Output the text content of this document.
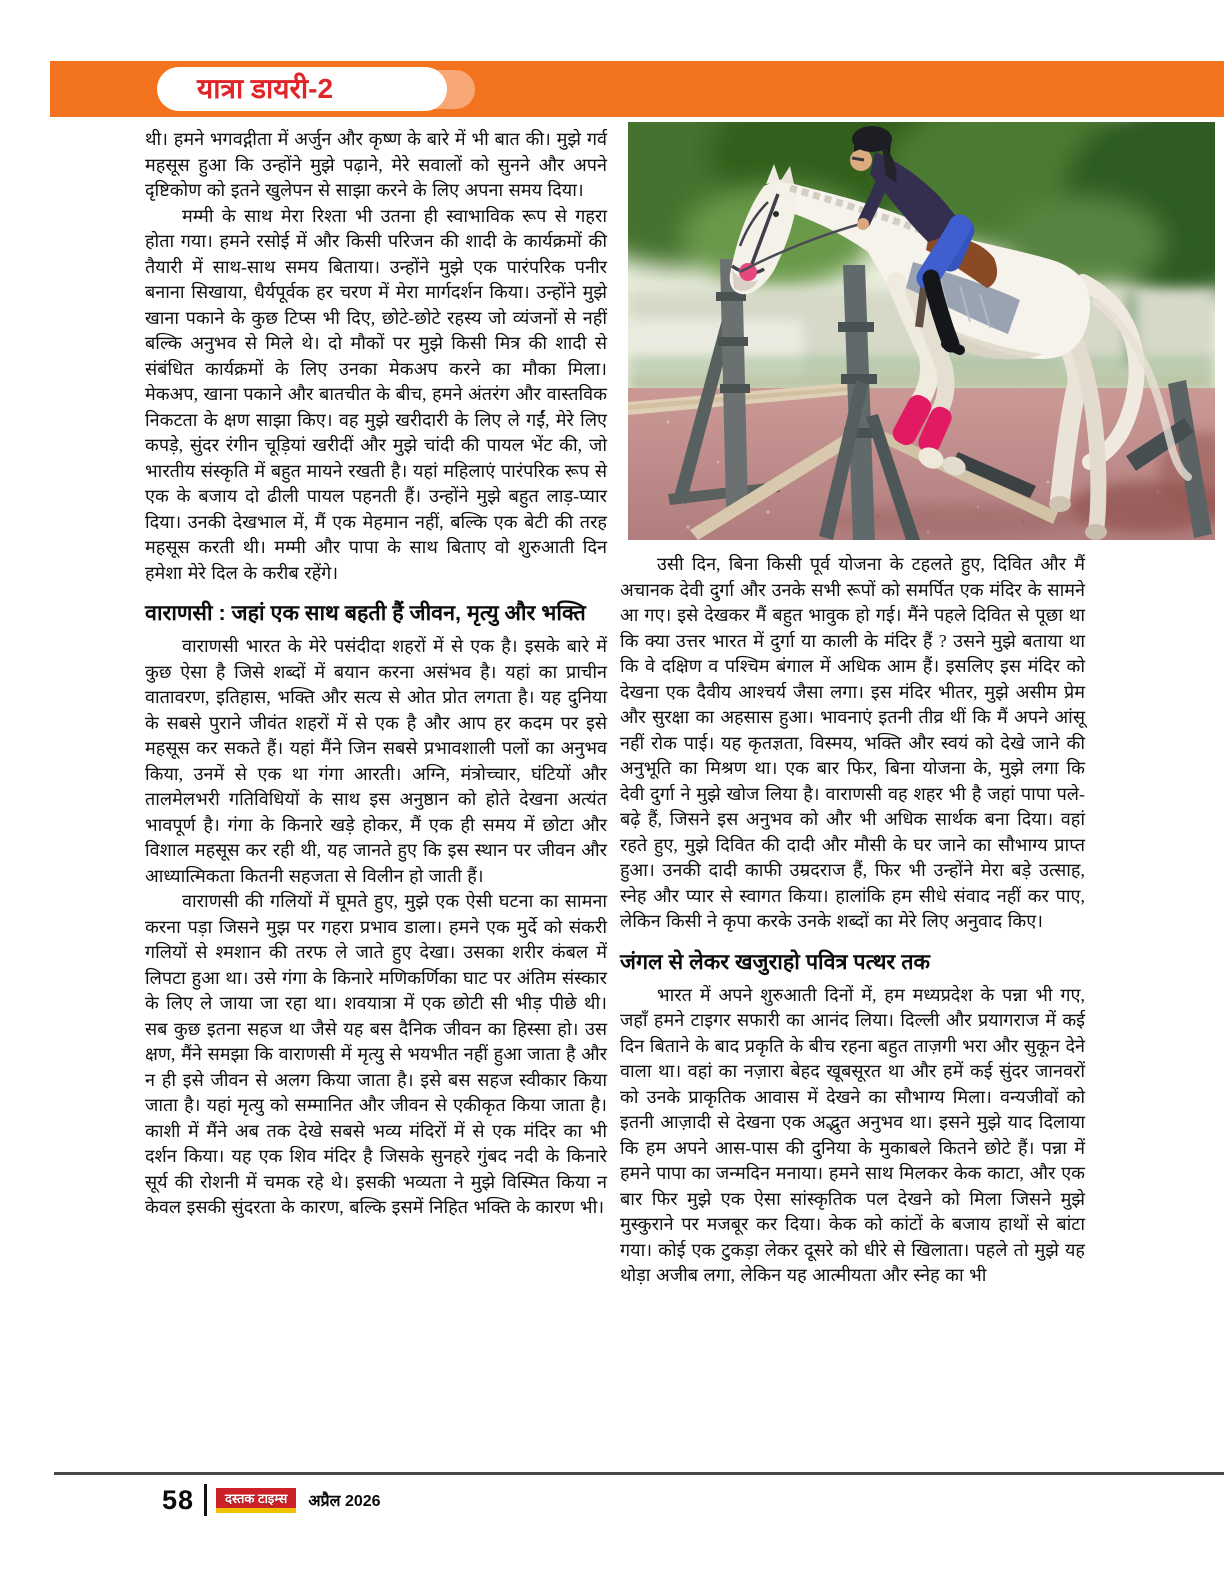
यात्रा डायरी-2

थी। हमने भगवद्गीता में अर्जुन और कृष्ण के बारे में भी बात की। मुझे गर्व महसूस हुआ कि उन्होंने मुझे पढ़ाने, मेरे सवालों को सुनने और अपने दृष्टिकोण को इतने खुलेपन से साझा करने के लिए अपना समय दिया।

मम्मी के साथ मेरा रिश्ता भी उतना ही स्वाभाविक रूप से गहरा होता गया। हमने रसोई में और किसी परिजन की शादी के कार्यक्रमों की तैयारी में साथ-साथ समय बिताया। उन्होंने मुझे एक पारंपरिक पनीर बनाना सिखाया, धैर्यपूर्वक हर चरण में मेरा मार्गदर्शन किया। उन्होंने मुझे खाना पकाने के कुछ टिप्स भी दिए, छोटे-छोटे रहस्य जो व्यंजनों से नहीं बल्कि अनुभव से मिले थे। दो मौकों पर मुझे किसी मित्र की शादी से संबंधित कार्यक्रमों के लिए उनका मेकअप करने का मौका मिला। मेकअप, खाना पकाने और बातचीत के बीच, हमने अंतरंग और वास्तविक निकटता के क्षण साझा किए। वह मुझे खरीदारी के लिए ले गईं, मेरे लिए कपड़े, सुंदर रंगीन चूड़ियां खरीदीं और मुझे चांदी की पायल भेंट की, जो भारतीय संस्कृति में बहुत मायने रखती है। यहां महिलाएं पारंपरिक रूप से एक के बजाय दो ढीली पायल पहनती हैं। उन्होंने मुझे बहुत लाड़-प्यार दिया। उनकी देखभाल में, मैं एक मेहमान नहीं, बल्कि एक बेटी की तरह महसूस करती थी। मम्मी और पापा के साथ बिताए वो शुरुआती दिन हमेशा मेरे दिल के करीब रहेंगे।

वाराणसी : जहां एक साथ बहती हैं जीवन, मृत्यु और भक्ति

वाराणसी भारत के मेरे पसंदीदा शहरों में से एक है। इसके बारे में कुछ ऐसा है जिसे शब्दों में बयान करना असंभव है। यहां का प्राचीन वातावरण, इतिहास, भक्ति और सत्य से ओत प्रोत लगता है। यह दुनिया के सबसे पुराने जीवंत शहरों में से एक है और आप हर कदम पर इसे महसूस कर सकते हैं। यहां मैंने जिन सबसे प्रभावशाली पलों का अनुभव किया, उनमें से एक था गंगा आरती। अग्नि, मंत्रोच्चार, घंटियों और तालमेलभरी गतिविधियों के साथ इस अनुष्ठान को होते देखना अत्यंत भावपूर्ण है। गंगा के किनारे खड़े होकर, मैं एक ही समय में छोटा और विशाल महसूस कर रही थी, यह जानते हुए कि इस स्थान पर जीवन और आध्यात्मिकता कितनी सहजता से विलीन हो जाती हैं।

वाराणसी की गलियों में घूमते हुए, मुझे एक ऐसी घटना का सामना करना पड़ा जिसने मुझ पर गहरा प्रभाव डाला। हमने एक मुर्दे को संकरी गलियों से श्मशान की तरफ ले जाते हुए देखा। उसका शरीर कंबल में लिपटा हुआ था। उसे गंगा के किनारे मणिकर्णिका घाट पर अंतिम संस्कार के लिए ले जाया जा रहा था। शवयात्रा में एक छोटी सी भीड़ पीछे थी। सब कुछ इतना सहज था जैसे यह बस दैनिक जीवन का हिस्सा हो। उस क्षण, मैंने समझा कि वाराणसी में मृत्यु से भयभीत नहीं हुआ जाता है और न ही इसे जीवन से अलग किया जाता है। इसे बस सहज स्वीकार किया जाता है। यहां मृत्यु को सम्मानित और जीवन से एकीकृत किया जाता है। काशी में मैंने अब तक देखे सबसे भव्य मंदिरों में से एक मंदिर का भी दर्शन किया। यह एक शिव मंदिर है जिसके सुनहरे गुंबद नदी के किनारे सूर्य की रोशनी में चमक रहे थे। इसकी भव्यता ने मुझे विस्मित किया न केवल इसकी सुंदरता के कारण, बल्कि इसमें निहित भक्ति के कारण भी।

उसी दिन, बिना किसी पूर्व योजना के टहलते हुए, दिवित और मैं अचानक देवी दुर्गा और उनके सभी रूपों को समर्पित एक मंदिर के सामने आ गए। इसे देखकर मैं बहुत भावुक हो गई। मैंने पहले दिवित से पूछा था कि क्या उत्तर भारत में दुर्गा या काली के मंदिर हैं ? उसने मुझे बताया था कि वे दक्षिण व पश्चिम बंगाल में अधिक आम हैं। इसलिए इस मंदिर को देखना एक दैवीय आश्चर्य जैसा लगा। इस मंदिर भीतर, मुझे असीम प्रेम और सुरक्षा का अहसास हुआ। भावनाएं इतनी तीव्र थीं कि मैं अपने आंसू नहीं रोक पाई। यह कृतज्ञता, विस्मय, भक्ति और स्वयं को देखे जाने की अनुभूति का मिश्रण था। एक बार फिर, बिना योजना के, मुझे लगा कि देवी दुर्गा ने मुझे खोज लिया है। वाराणसी वह शहर भी है जहां पापा पले-बढ़े हैं, जिसने इस अनुभव को और भी अधिक सार्थक बना दिया। वहां रहते हुए, मुझे दिवित की दादी और मौसी के घर जाने का सौभाग्य प्राप्त हुआ। उनकी दादी काफी उम्रदराज हैं, फिर भी उन्होंने मेरा बड़े उत्साह, स्नेह और प्यार से स्वागत किया। हालांकि हम सीधे संवाद नहीं कर पाए, लेकिन किसी ने कृपा करके उनके शब्दों का मेरे लिए अनुवाद किए।

जंगल से लेकर खजुराहो पवित्र पत्थर तक

भारत में अपने शुरुआती दिनों में, हम मध्यप्रदेश के पन्ना भी गए, जहाँ हमने टाइगर सफारी का आनंद लिया। दिल्ली और प्रयागराज में कई दिन बिताने के बाद प्रकृति के बीच रहना बहुत ताज़गी भरा और सुकून देने वाला था। वहां का नज़ारा बेहद खूबसूरत था और हमें कई सुंदर जानवरों को उनके प्राकृतिक आवास में देखने का सौभाग्य मिला। वन्यजीवों को इतनी आज़ादी से देखना एक अद्भुत अनुभव था। इसने मुझे याद दिलाया कि हम अपने आस-पास की दुनिया के मुकाबले कितने छोटे हैं। पन्ना में हमने पापा का जन्मदिन मनाया। हमने साथ मिलकर केक काटा, और एक बार फिर मुझे एक ऐसा सांस्कृतिक पल देखने को मिला जिसने मुझे मुस्कुराने पर मजबूर कर दिया। केक को कांटों के बजाय हाथों से बांटा गया। कोई एक टुकड़ा लेकर दूसरे को धीरे से खिलाता। पहले तो मुझे यह थोड़ा अजीब लगा, लेकिन यह आत्मीयता और स्नेह का भी

58	दस्तक टाइम्स	अप्रैल 2026
